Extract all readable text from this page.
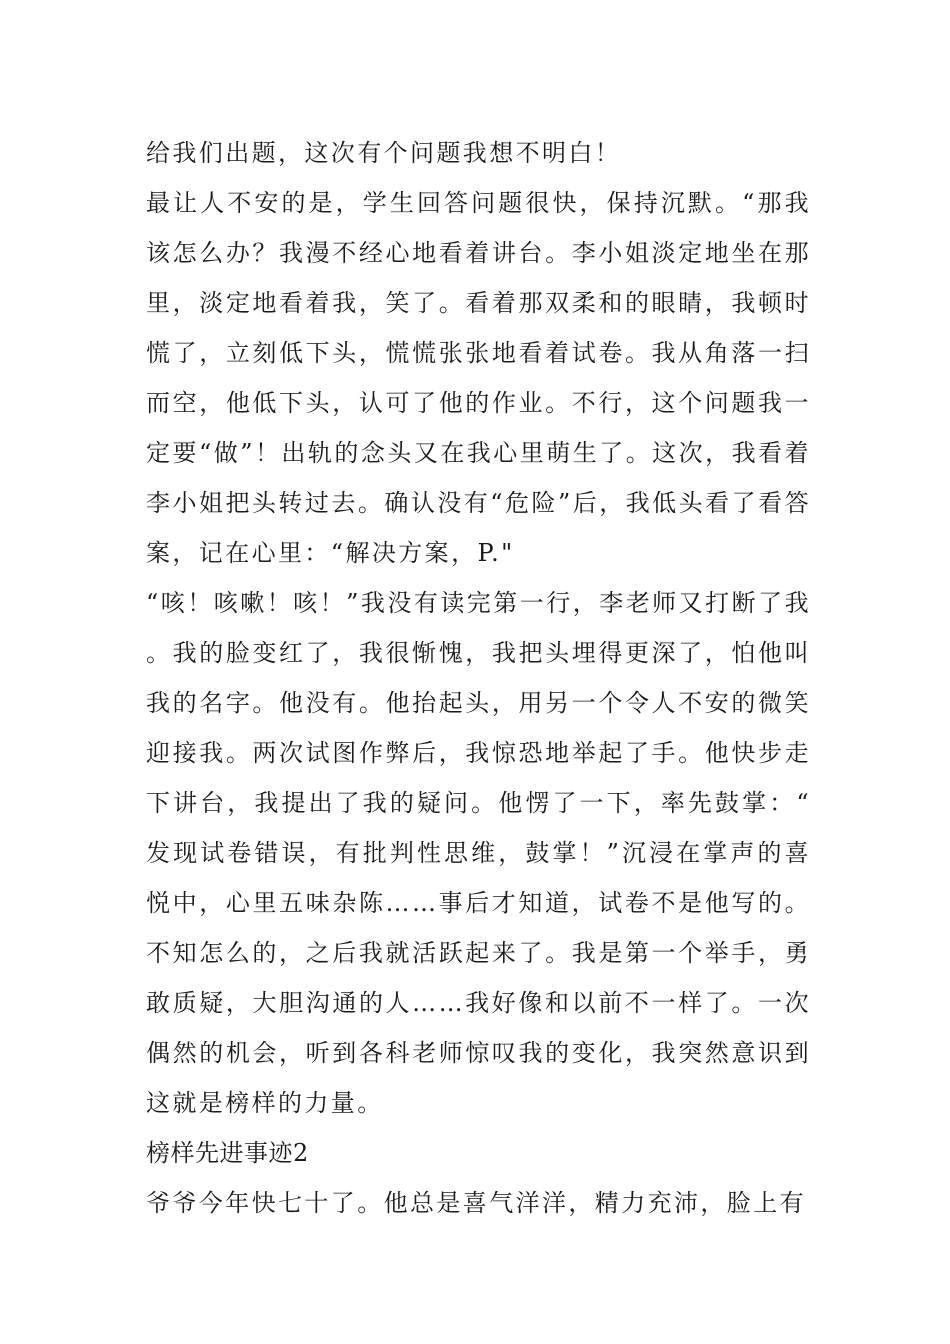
给我们出题，这次有个问题我想不明白！

最让人不安的是，学生回答问题很快，保持沉默。“那我该怎么办？我漫不经心地看着讲台。李小姐淡定地坐在那里，淡定地看着我，笑了。看着那双柔和的眼睛，我顿时慌了，立刻低下头，慌慌张张地看着试卷。我从角落一扫而空，他低下头，认可了他的作业。不行，这个问题我一定要“做”！出轨的念头又在我心里萌生了。这次，我看着李小姐把头转过去。确认没有“危险”后，我低头看了看答案，记在心里：“解决方案，P."

“咳！咳嗽！咳！”我没有读完第一行，李老师又打断了我。我的脸变红了，我很惭愧，我把头埋得更深了，怕他叫我的名字。他没有。他抬起头，用另一个令人不安的微笑迎接我。两次试图作弊后，我惊恐地举起了手。他快步走下讲台，我提出了我的疑问。他愣了一下，率先鼓掌：“发现试卷错误，有批判性思维，鼓掌！”沉浸在掌声的喜悦中，心里五味杂陈……事后才知道，试卷不是他写的。不知怎么的，之后我就活跃起来了。我是第一个举手，勇敢质疑，大胆沟通的人……我好像和以前不一样了。一次偶然的机会，听到各科老师惊叹我的变化，我突然意识到这就是榜样的力量。

榜样先进事迹2

爷爷今年快七十了。他总是喜气洋洋，精力充沛，脸上有
